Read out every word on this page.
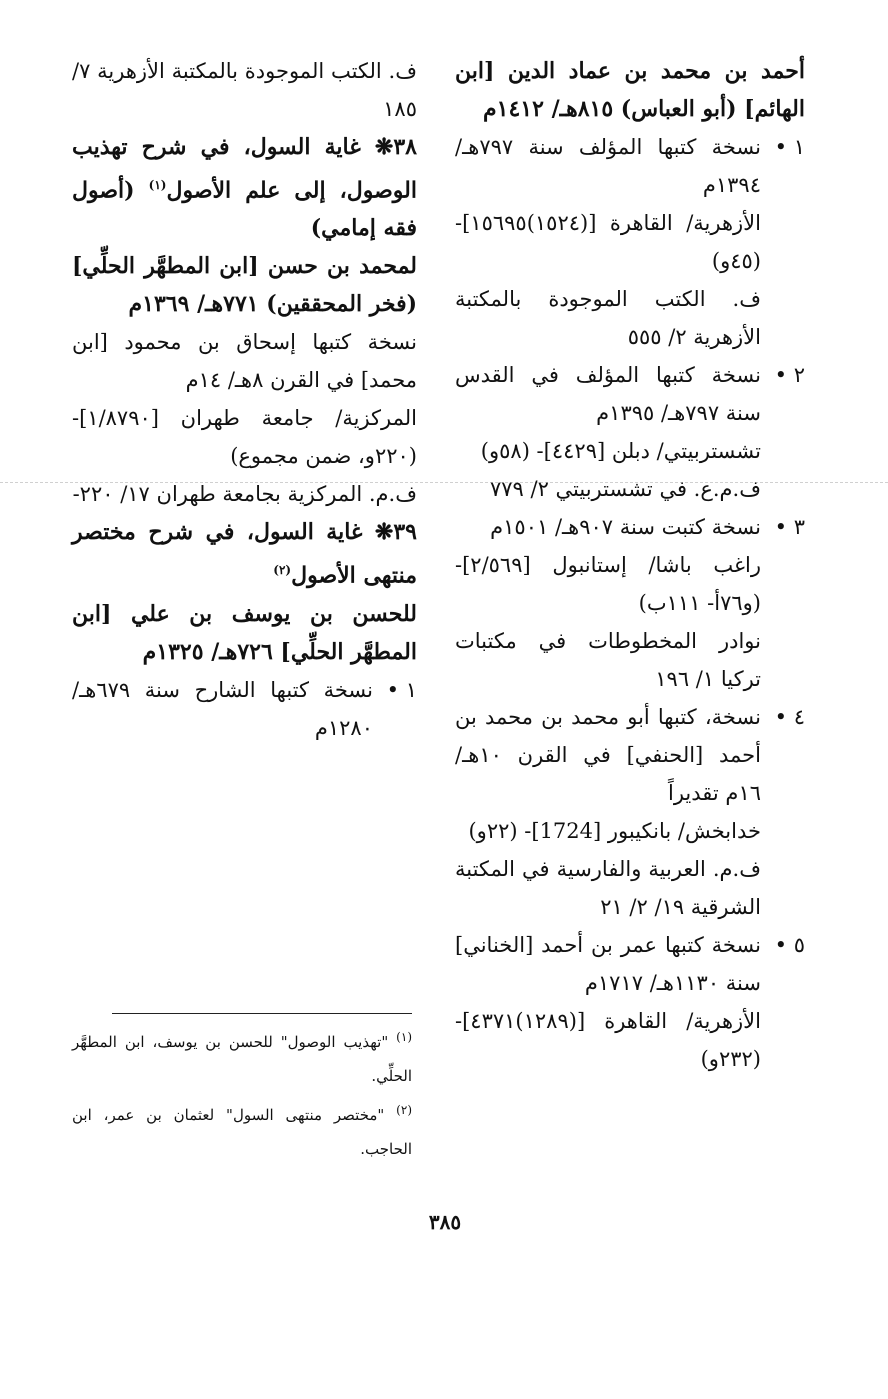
أحمد بن محمد بن عماد الدين [ابن الهائم] (أبو العباس) ٨١٥هـ/ ١٤١٢م

١ •
نسخة كتبها المؤلف سنة ٧٩٧هـ/ ١٣٩٤م
الأزهرية/ القاهرة [(١٥٢٤)١٥٦٩٥]- (٤٥و)
ف. الكتب الموجودة بالمكتبة الأزهرية ٢/ ٥٥٥
٢ •
نسخة كتبها المؤلف في القدس سنة ٧٩٧هـ/ ١٣٩٥م
تشستربيتي/ دبلن [٤٤٢٩]- (٥٨و)
ف.م.ع. في تشستربيتي ٢/ ٧٧٩
٣ •
نسخة كتبت سنة ٩٠٧هـ/ ١٥٠١م
راغب باشا/ إستانبول [٢/٥٦٩]- (و٧٦أ- ١١١ب)
نوادر المخطوطات في مكتبات تركيا ١/ ١٩٦
٤ •
نسخة، كتبها أبو محمد بن محمد بن أحمد [الحنفي] في القرن ١٠هـ/ ١٦م تقديراً
خدابخش/ بانكيبور [1724]- (٢٢و)
ف.م. العربية والفارسية في المكتبة الشرقية ١٩/ ٢/ ٢١
٥ •
نسخة كتبها عمر بن أحمد [الخناني] سنة ١١٣٠هـ/ ١٧١٧م
الأزهرية/ القاهرة [(١٢٨٩)٤٣٧١]- (٢٣٢و)

ف. الكتب الموجودة بالمكتبة الأزهرية ٧/ ١٨٥

٣٨❋ غاية السول، في شرح تهذيب الوصول، إلى علم الأصول$^{(١)}$ (أصول فقه إمامي)

لمحمد بن حسن [ابن المطهَّر الحلِّي] (فخر المحققين) ٧٧١هـ/ ١٣٦٩م

نسخة كتبها إسحاق بن محمود [ابن محمد] في القرن ٨هـ/ ١٤م

المركزية/ جامعة طهران [١/٨٧٩٠]- (٢٢٠و، ضمن مجموع)

ف.م. المركزية بجامعة طهران ١٧/ ٢٢٠-

٣٩❋ غاية السول، في شرح مختصر منتهى الأصول$^{(٢)}$

للحسن بن يوسف بن علي [ابن المطهَّر الحلِّي] ٧٢٦هـ/ ١٣٢٥م

١ •
نسخة كتبها الشارح سنة ٦٧٩هـ/ ١٢٨٠م
$^{(١)}$ "تهذيب الوصول" للحسن بن يوسف، ابن المطهَّر الحلِّي.
$^{(٢)}$ "مختصر منتهى السول" لعثمان بن عمر، ابن الحاجب.
٣٨٥
